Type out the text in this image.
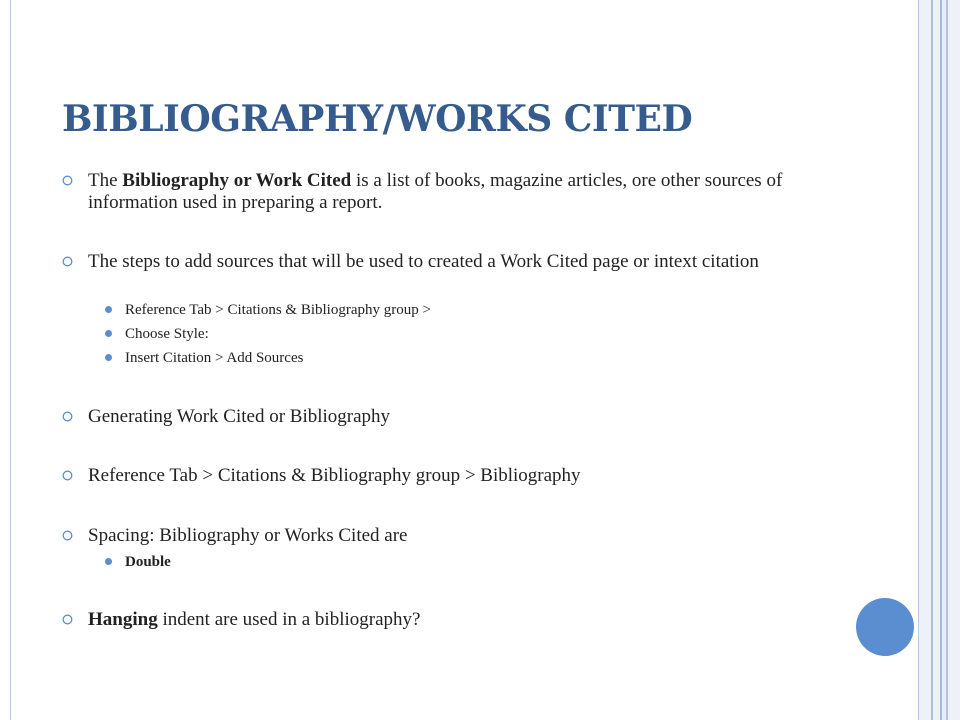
BIBLIOGRAPHY/WORKS CITED
The Bibliography or Work Cited is a list of books, magazine articles, ore other sources of information used in preparing a report.
The steps to add sources that will be used to created a Work Cited page or intext citation
Reference Tab > Citations & Bibliography group >
Choose Style:
Insert Citation > Add Sources
Generating Work Cited or Bibliography
Reference Tab > Citations & Bibliography group > Bibliography
Spacing: Bibliography or Works Cited are
Double
Hanging indent are used in a bibliography?
